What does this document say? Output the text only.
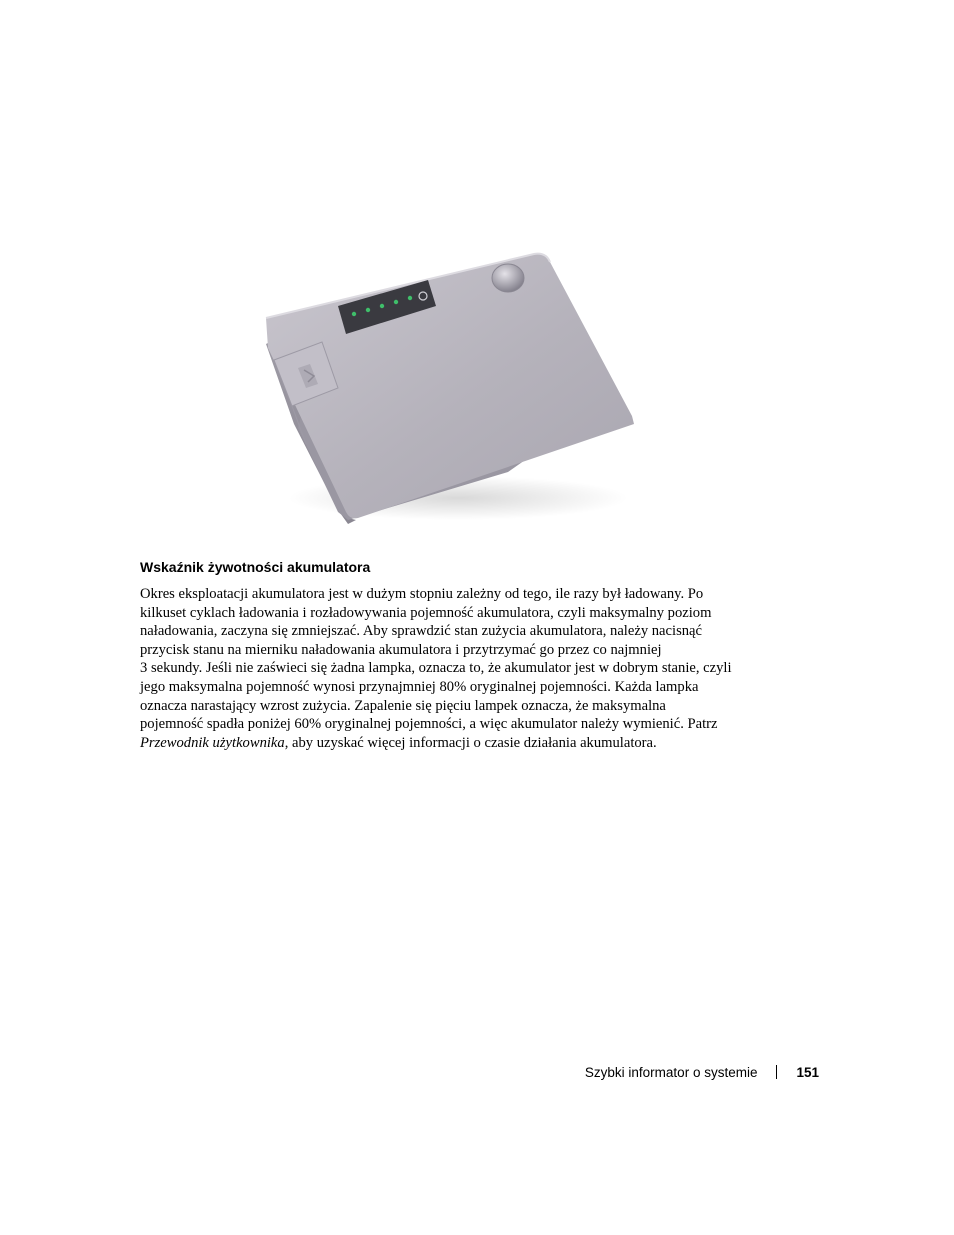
Wskaźnik żywotności akumulatora

Okres eksploatacji akumulatora jest w dużym stopniu zależny od tego, ile razy był ładowany. Po
kilkuset cyklach ładowania i rozładowywania pojemność akumulatora, czyli maksymalny poziom
naładowania, zaczyna się zmniejszać. Aby sprawdzić stan zużycia akumulatora, należy nacisnąć
przycisk stanu na mierniku naładowania akumulatora i przytrzymać go przez co najmniej
3 sekundy. Jeśli nie zaświeci się żadna lampka, oznacza to, że akumulator jest w dobrym stanie, czyli
jego maksymalna pojemność wynosi przynajmniej 80% oryginalnej pojemności. Każda lampka
oznacza narastający wzrost zużycia. Zapalenie się pięciu lampek oznacza, że maksymalna
pojemność spadła poniżej 60% oryginalnej pojemności, a więc akumulator należy wymienić. Patrz
Przewodnik użytkownika, aby uzyskać więcej informacji o czasie działania akumulatora.

Szybki informator o systemie	151
